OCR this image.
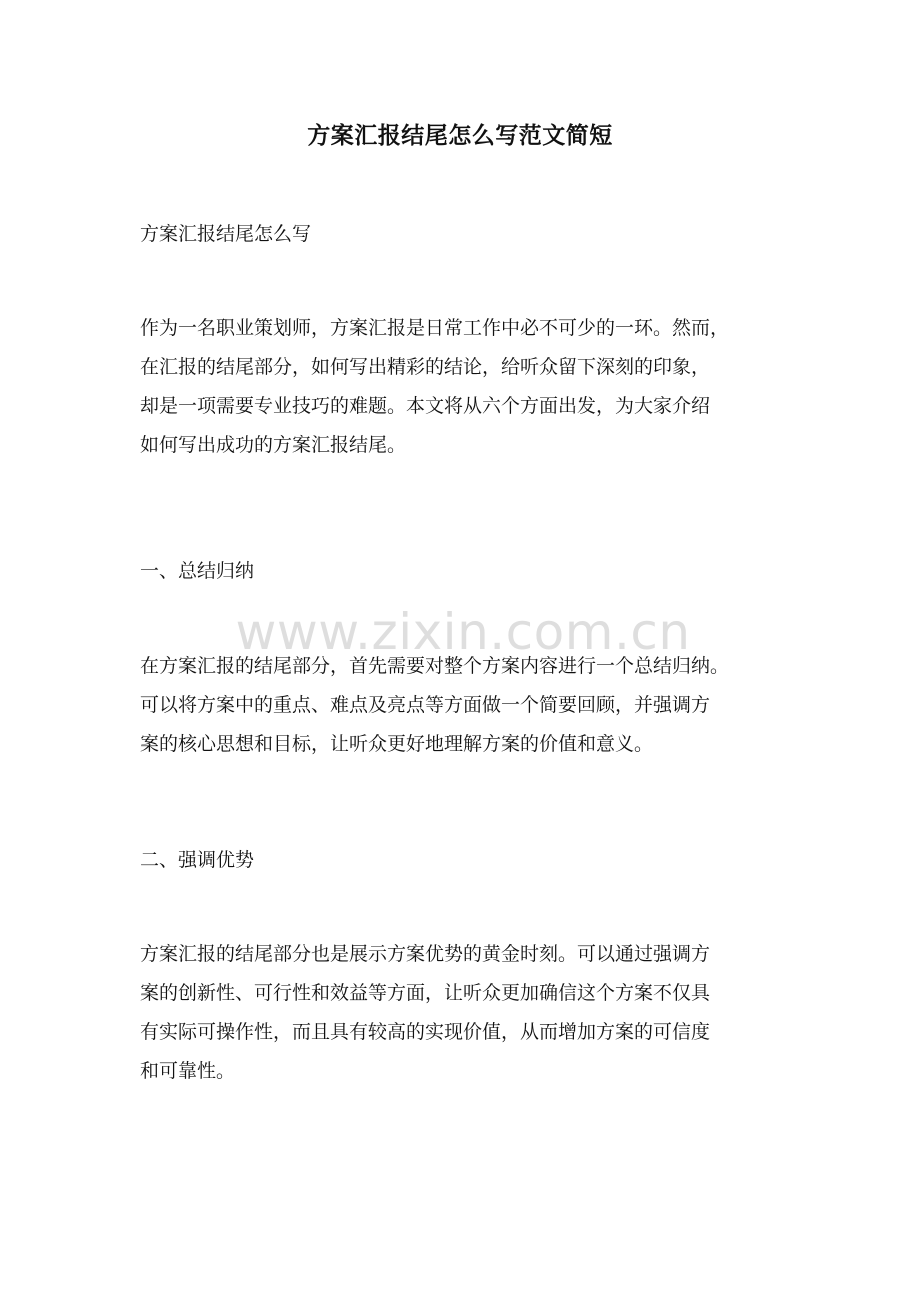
方案汇报结尾怎么写范文简短
方案汇报结尾怎么写
作为一名职业策划师，方案汇报是日常工作中必不可少的一环。然而，
在汇报的结尾部分，如何写出精彩的结论，给听众留下深刻的印象，
却是一项需要专业技巧的难题。本文将从六个方面出发，为大家介绍
如何写出成功的方案汇报结尾。
一、总结归纳
在方案汇报的结尾部分，首先需要对整个方案内容进行一个总结归纳。
可以将方案中的重点、难点及亮点等方面做一个简要回顾，并强调方
案的核心思想和目标，让听众更好地理解方案的价值和意义。
二、强调优势
方案汇报的结尾部分也是展示方案优势的黄金时刻。可以通过强调方
案的创新性、可行性和效益等方面，让听众更加确信这个方案不仅具
有实际可操作性，而且具有较高的实现价值，从而增加方案的可信度
和可靠性。
www.zixin.com.cn
